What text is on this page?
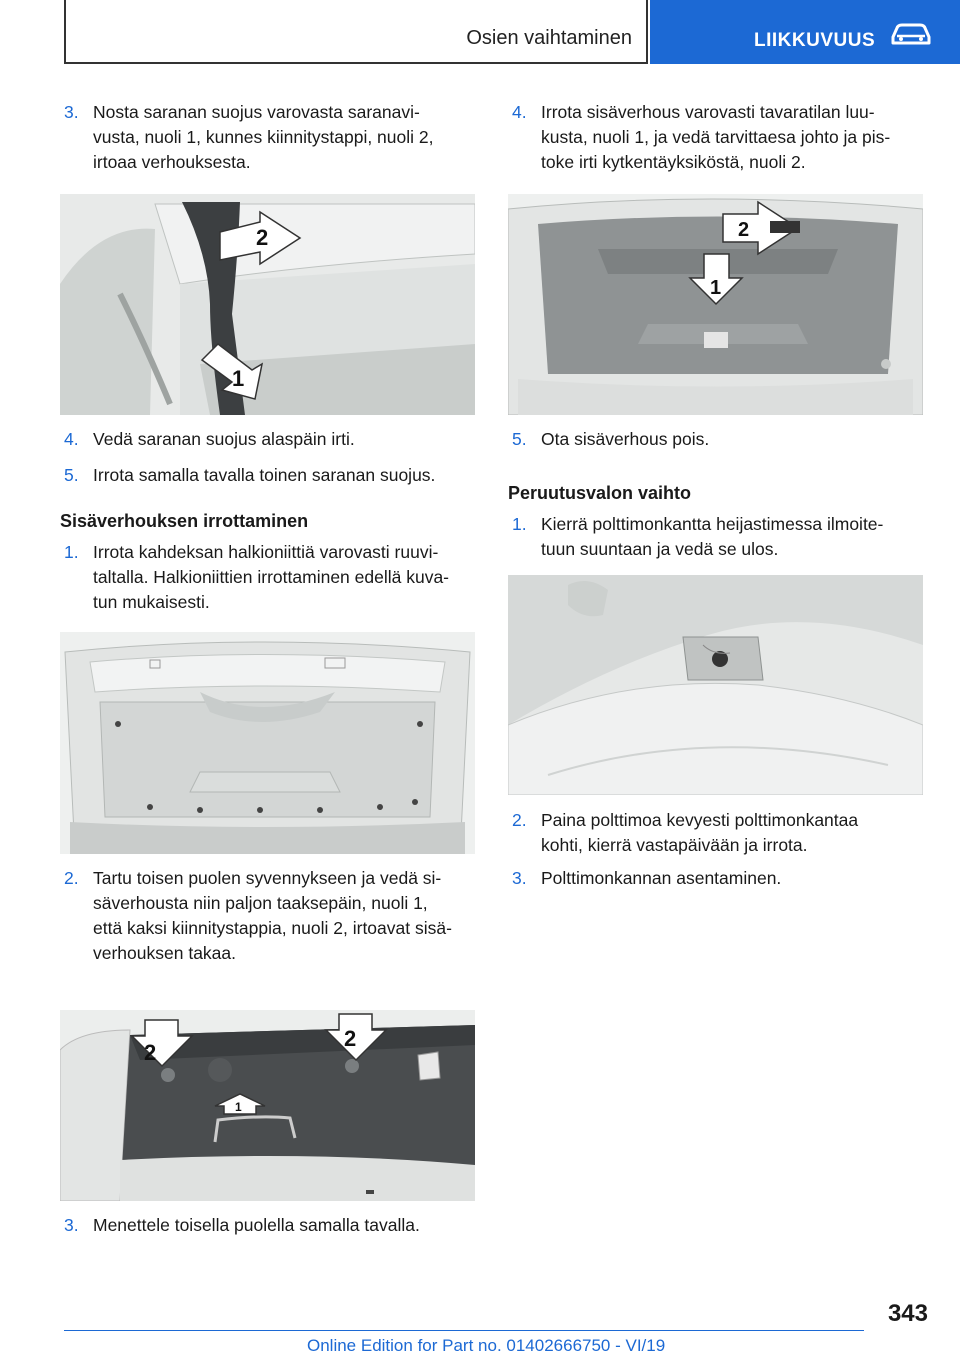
Osien vaihtaminen	LIIKKUVUUS
3. Nosta saranan suojus varovasta saranavi-
vusta, nuoli 1, kunnes kiinnitystappi, nuoli 2,
irtoaa verhouksesta.
2
1
4. Vedä saranan suojus alaspäin irti.
5. Irrota samalla tavalla toinen saranan suojus.

Sisäverhouksen irrottaminen

1. Irrota kahdeksan halkioniittiä varovasti ruuvi-
taltalla. Halkioniittien irrottaminen edellä kuva-
tun mukaisesti.
2. Tartu toisen puolen syvennykseen ja vedä si-
säverhousta niin paljon taaksepäin, nuoli 1,
että kaksi kiinnitystappia, nuoli 2, irtoavat sisä-
verhouksen takaa.
2
2
1
3. Menettele toisella puolella samalla tavalla.
4. Irrota sisäverhous varovasti tavaratilan luu-
kusta, nuoli 1, ja vedä tarvittaesa johto ja pis-
toke irti kytkentäyksiköstä, nuoli 2.
2
1
5. Ota sisäverhous pois.

Peruutusvalon vaihto

1. Kierrä polttimonkantta heijastimessa ilmoite-
tuun suuntaan ja vedä se ulos.
2. Paina polttimoa kevyesti polttimonkantaa
kohti, kierrä vastapäivään ja irrota.
3. Polttimonkannan asentaminen.
343
Online Edition for Part no. 01402666750 - VI/19
